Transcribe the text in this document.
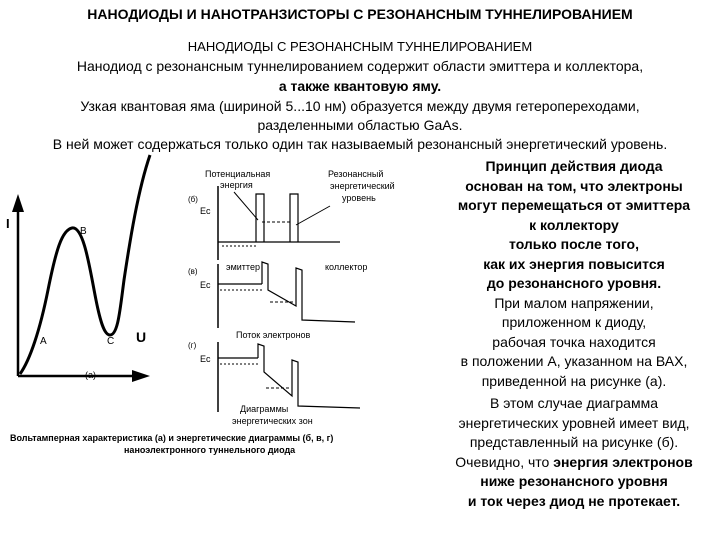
НАНОДИОДЫ И НАНОТРАНЗИСТОРЫ С РЕЗОНАНСНЫМ ТУННЕЛИРОВАНИЕМ
НАНОДИОДЫ С РЕЗОНАНСНЫМ ТУННЕЛИРОВАНИЕМ
Нанодиод с резонансным туннелированием содержит области эмиттера и коллектора,
а также квантовую яму.
Узкая квантовая яма (шириной 5...10 нм) образуется между двумя гетеропереходами,
разделенными областью GaAs.
В ней может содержаться только один так называемый резонансный энергетический уровень.
Принцип действия диода
основан на том, что электроны
могут перемещаться от эмиттера
к коллектору
только после того,
как их энергия повысится
до резонансного уровня.
При малом напряжении,
приложенном к диоду,
рабочая точка находится
в положении A, указанном на ВАХ,
приведенной на рисунке (а).
В этом случае диаграмма
энергетических уровней имеет вид,
представленный на рисунке (б).
Очевидно, что энергия электронов
ниже резонансного уровня
и ток через диод не протекает.
I
U
A
B
C
(а)
Потенциальная
энергия
Резонансный
энергетический
уровень
(б)
Eс
эмиттер	коллектор
(в)
Eс
Поток электронов
(г)
Eс
Диаграммы
энергетических зон
Вольтамперная характеристика (а) и энергетические диаграммы (б, в, г)
наноэлектронного туннельного диода
